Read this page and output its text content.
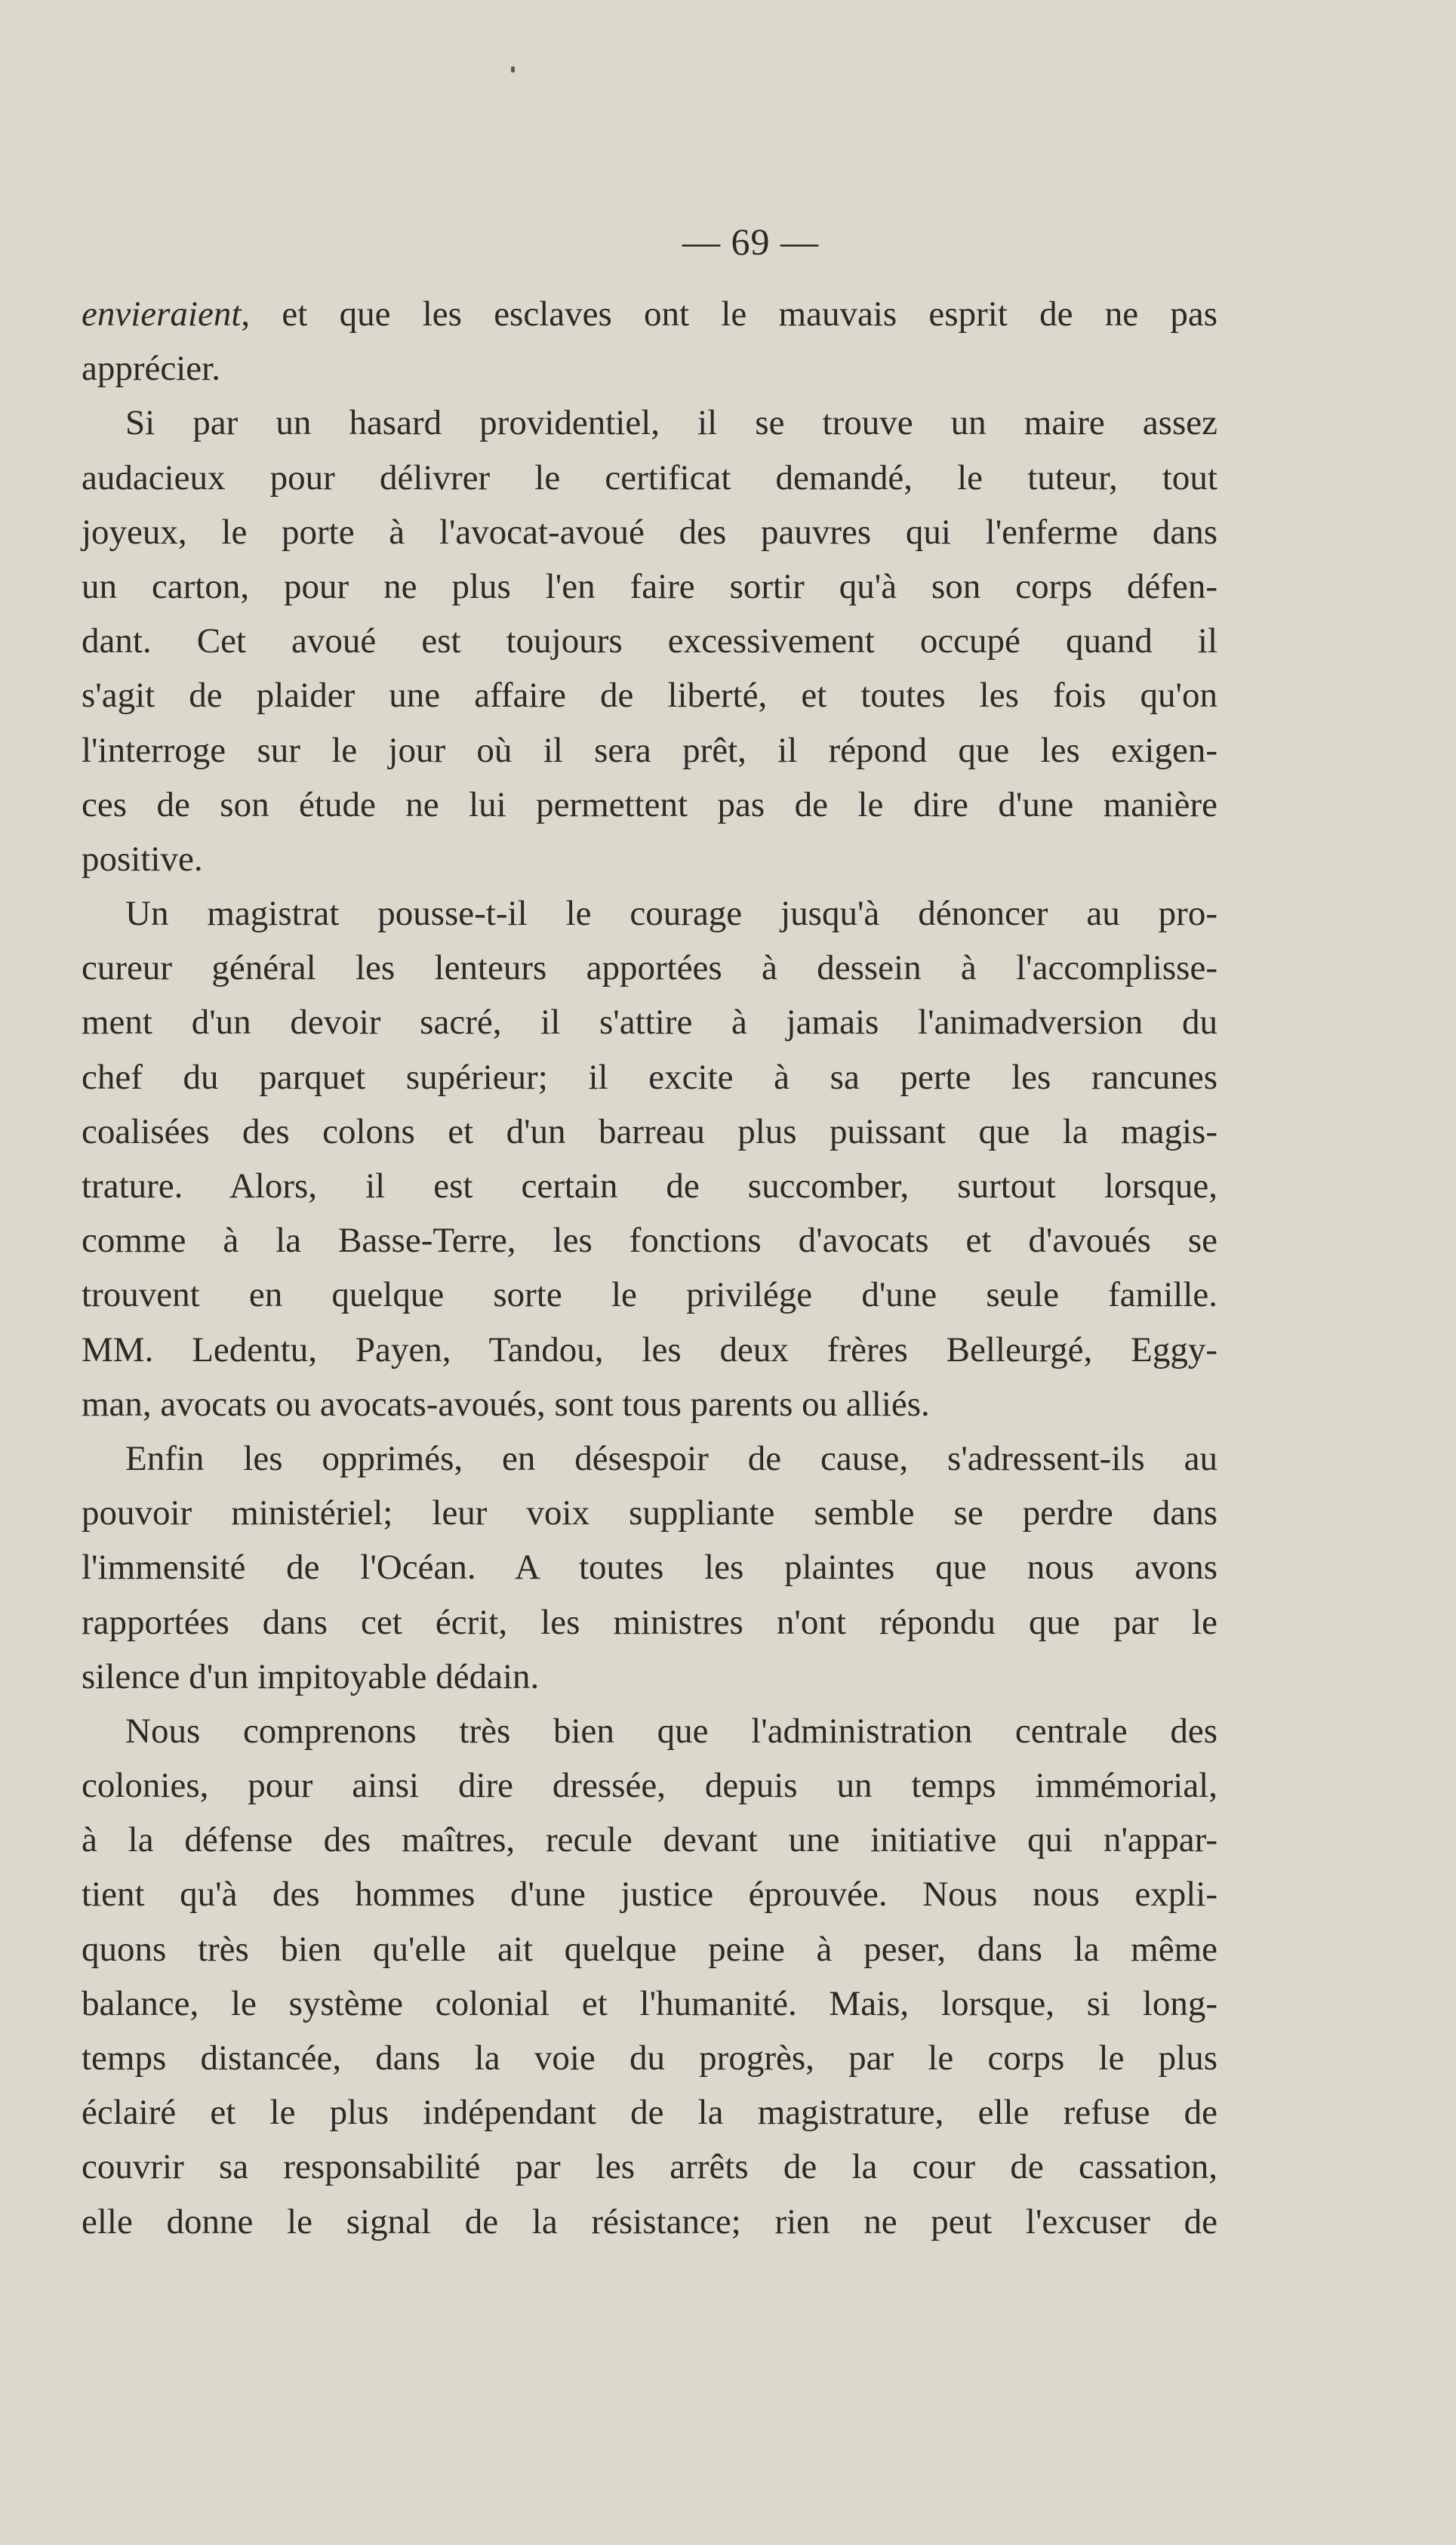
— 69 —
envieraient, et que les esclaves ont le mauvais esprit de ne pas
apprécier.
Si par un hasard providentiel, il se trouve un maire assez
audacieux pour délivrer le certificat demandé, le tuteur, tout
joyeux, le porte à l'avocat-avoué des pauvres qui l'enferme dans
un carton, pour ne plus l'en faire sortir qu'à son corps défen-
dant. Cet avoué est toujours excessivement occupé quand il
s'agit de plaider une affaire de liberté, et toutes les fois qu'on
l'interroge sur le jour où il sera prêt, il répond que les exigen-
ces de son étude ne lui permettent pas de le dire d'une manière
positive.
Un magistrat pousse-t-il le courage jusqu'à dénoncer au pro-
cureur général les lenteurs apportées à dessein à l'accomplisse-
ment d'un devoir sacré, il s'attire à jamais l'animadversion du
chef du parquet supérieur; il excite à sa perte les rancunes
coalisées des colons et d'un barreau plus puissant que la magis-
trature. Alors, il est certain de succomber, surtout lorsque,
comme à la Basse-Terre, les fonctions d'avocats et d'avoués se
trouvent en quelque sorte le privilége d'une seule famille.
MM. Ledentu, Payen, Tandou, les deux frères Belleurgé, Eggy-
man, avocats ou avocats-avoués, sont tous parents ou alliés.
Enfin les opprimés, en désespoir de cause, s'adressent-ils au
pouvoir ministériel; leur voix suppliante semble se perdre dans
l'immensité de l'Océan. A toutes les plaintes que nous avons
rapportées dans cet écrit, les ministres n'ont répondu que par le
silence d'un impitoyable dédain.
Nous comprenons très bien que l'administration centrale des
colonies, pour ainsi dire dressée, depuis un temps immémorial,
à la défense des maîtres, recule devant une initiative qui n'appar-
tient qu'à des hommes d'une justice éprouvée. Nous nous expli-
quons très bien qu'elle ait quelque peine à peser, dans la même
balance, le système colonial et l'humanité. Mais, lorsque, si long-
temps distancée, dans la voie du progrès, par le corps le plus
éclairé et le plus indépendant de la magistrature, elle refuse de
couvrir sa responsabilité par les arrêts de la cour de cassation,
elle donne le signal de la résistance; rien ne peut l'excuser de
